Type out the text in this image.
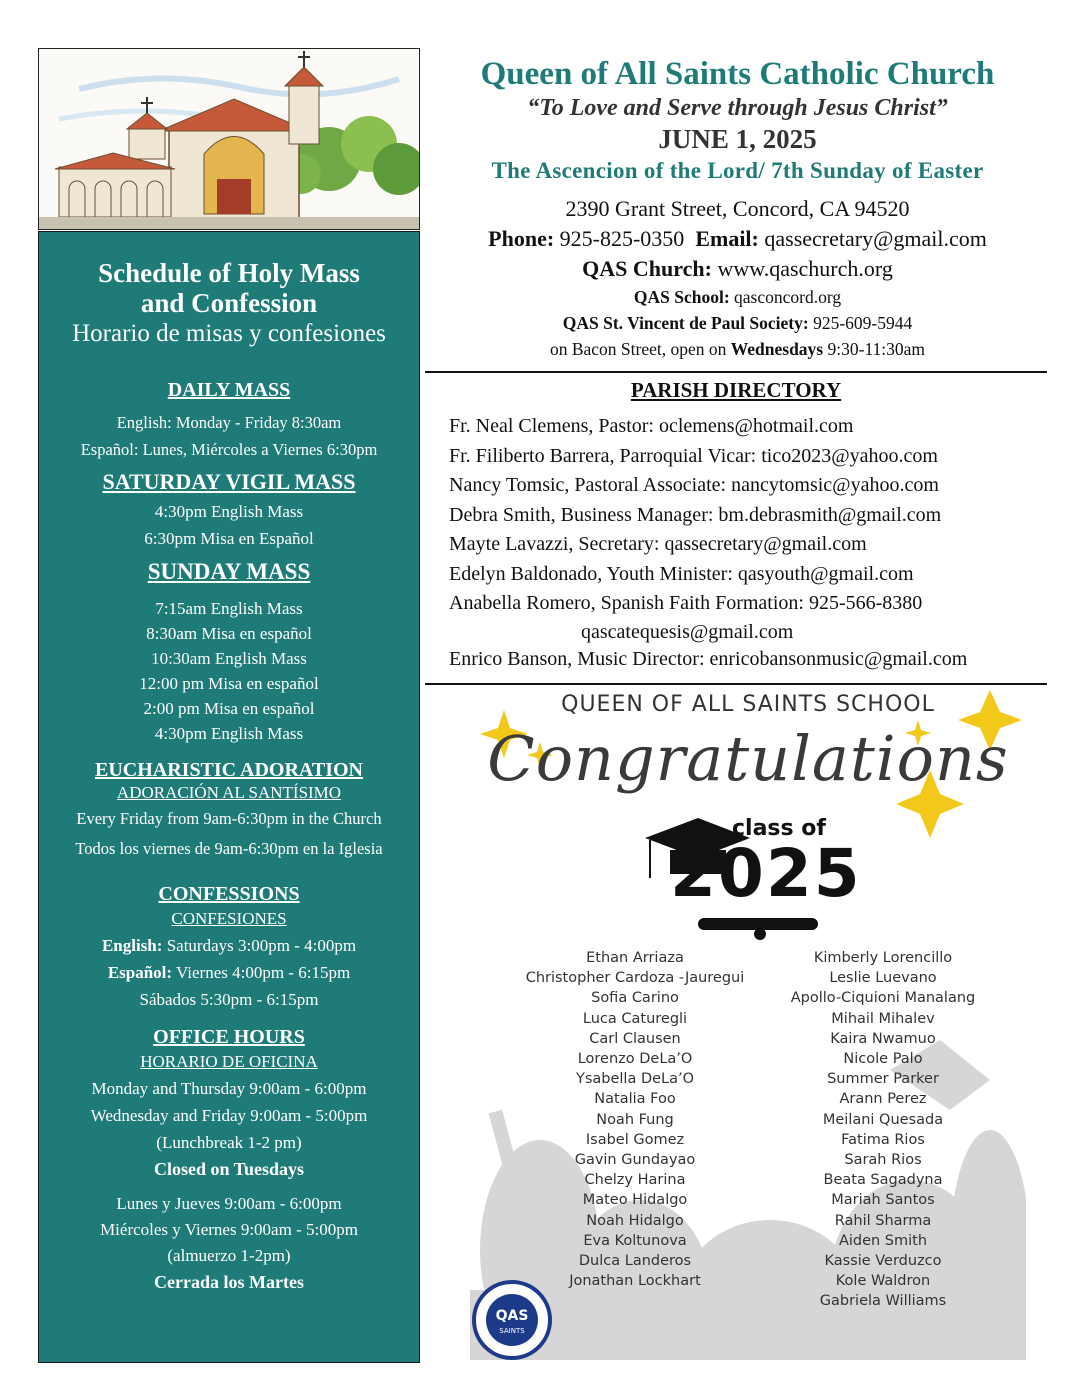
Schedule of Holy Mass
and Confession
Horario de misas y confesiones
DAILY MASS
English: Monday - Friday 8:30am
Español: Lunes, Miércoles a Viernes 6:30pm
SATURDAY VIGIL MASS
4:30pm English Mass
6:30pm Misa en Español
SUNDAY MASS
7:15am English Mass
8:30am Misa en español
10:30am English Mass
12:00 pm Misa en español
2:00 pm Misa en español
4:30pm English Mass
EUCHARISTIC ADORATION
ADORACIÓN AL SANTÍSIMO
Every Friday from 9am-6:30pm in the Church
Todos los viernes de 9am-6:30pm en la Iglesia
CONFESSIONS
CONFESIONES
English: Saturdays 3:00pm - 4:00pm
Español: Viernes 4:00pm - 6:15pm
Sábados 5:30pm - 6:15pm
OFFICE HOURS
HORARIO DE OFICINA
Monday and Thursday 9:00am - 6:00pm
Wednesday and Friday 9:00am - 5:00pm
(Lunchbreak 1-2 pm)
Closed on Tuesdays
Lunes y Jueves 9:00am - 6:00pm
Miércoles y Viernes 9:00am - 5:00pm
(almuerzo 1-2pm)
Cerrada los Martes
Queen of All Saints Catholic Church
“To Love and Serve through Jesus Christ”
JUNE 1, 2025
The Ascencion of the Lord/ 7th Sunday of Easter
2390 Grant Street, Concord, CA 94520
Phone: 925-825-0350 Email: qassecretary@gmail.com
QAS Church: www.qaschurch.org
QAS School: qasconcord.org
QAS St. Vincent de Paul Society: 925-609-5944
on Bacon Street, open on Wednesdays 9:30-11:30am
PARISH DIRECTORY
Fr. Neal Clemens, Pastor: oclemens@hotmail.com
Fr. Filiberto Barrera, Parroquial Vicar: tico2023@yahoo.com
Nancy Tomsic, Pastoral Associate: nancytomsic@yahoo.com
Debra Smith, Business Manager: bm.debrasmith@gmail.com
Mayte Lavazzi, Secretary: qassecretary@gmail.com
Edelyn Baldonado, Youth Minister: qasyouth@gmail.com
Anabella Romero, Spanish Faith Formation: 925-566-8380
qascatequesis@gmail.com
Enrico Banson, Music Director: enricobansonmusic@gmail.com
QAS
SAINTS
QUEEN OF ALL SAINTS SCHOOL
Congratulations
class of
2025
Ethan Arriaza
Christopher Cardoza -Jauregui
Sofia Carino
Luca Caturegli
Carl Clausen
Lorenzo DeLa’O
Ysabella DeLa’O
Natalia Foo
Noah Fung
Isabel Gomez
Gavin Gundayao
Chelzy Harina
Mateo Hidalgo
Noah Hidalgo
Eva Koltunova
Dulca Landeros
Jonathan Lockhart
Kimberly Lorencillo
Leslie Luevano
Apollo-Ciquioni Manalang
Mihail Mihalev
Kaira Nwamuo
Nicole Palo
Summer Parker
Arann Perez
Meilani Quesada
Fatima Rios
Sarah Rios
Beata Sagadyna
Mariah Santos
Rahil Sharma
Aiden Smith
Kassie Verduzco
Kole Waldron
Gabriela Williams
